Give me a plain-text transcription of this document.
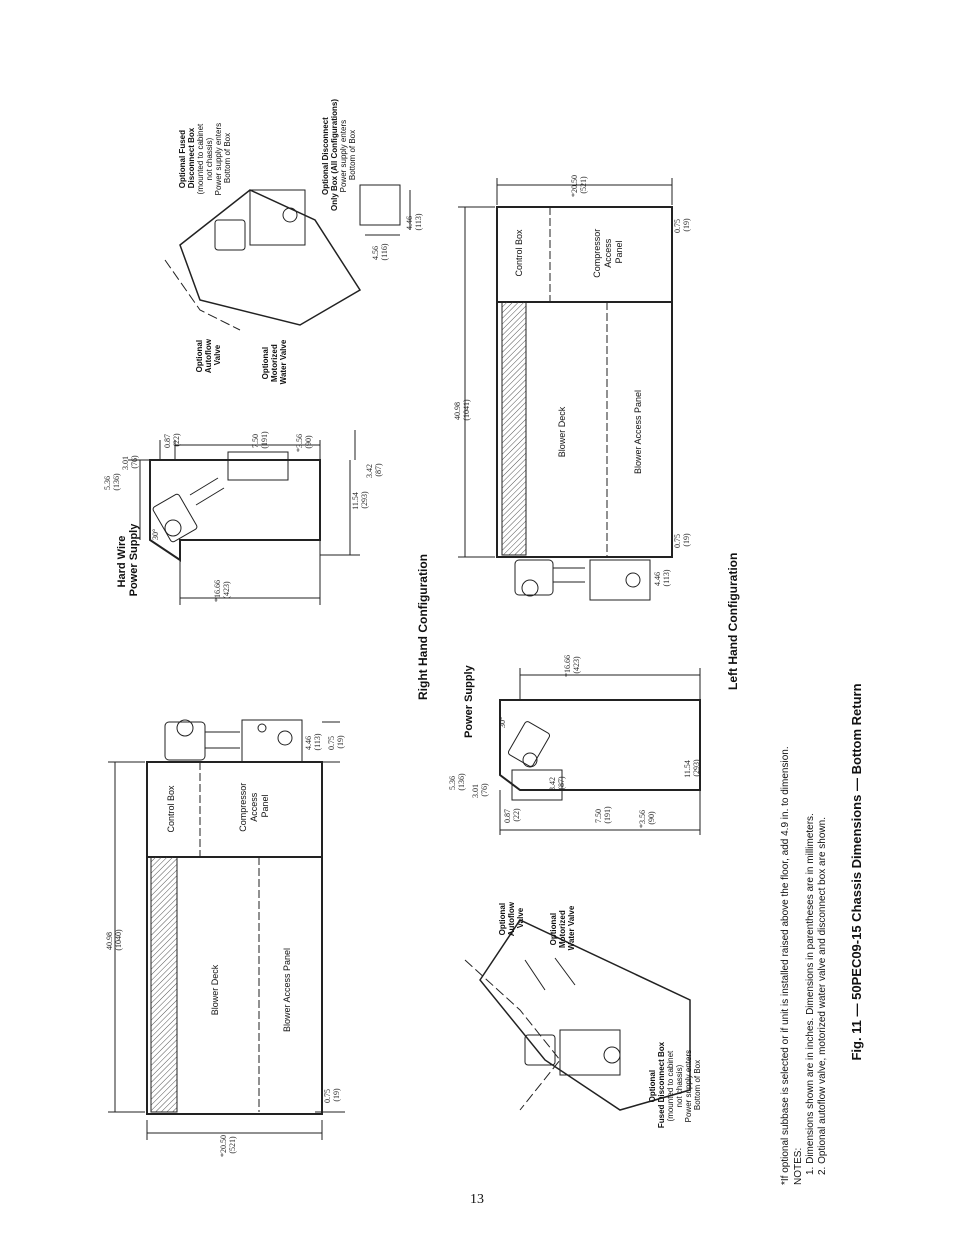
Control Box	Compressor Access Panel
Blower Deck	Blower Access Panel
40.98 (1040)
*20.50 (521)
0.75 (19)
4.46 (113) 0.75 (19)
Hard Wire Power Supply 30°
5.36 (136)
3.01 (76)
0.87 (22)	7.50 (191)	*3.56 (90)
3.42 (87)
11.54 (293)
*16.66 (423)
Optional Fused Disconnect Box (mounted to cabinet not chassis) Power supply enters Bottom of Box
Optional Autoflow Valve	Optional Motorized Water Valve
Right Hand Configuration	Left Hand Configuration
Power Supply	30°
5.36 (136)
3.01 (76)
0.87 (22)	7.50 (191)	*3.56 (90)
3.42 (87)
11.54 (293)
*16.66 (423)
Control Box	Compressor Access Panel
Blower Deck	Blower Access Panel
40.98 (1041)
*20.50 (521)
0.75 (19)
4.46 (113)
0.75 (19)
Optional Fused Disconnect Box (mounted to cabinet not chassis) Power supply enters Bottom of Box
Optional Autoflow Valve	Optional Motorized Water Valve
Optional Disconnect Only Box (All Configurations) Power supply enters Bottom of Box
4.56 (116)
4.46 (113)
*If optional subbase is selected or if unit is installed raised above the floor, add 4.9 in. to dimension. NOTES: 1. Dimensions shown are in inches. Dimensions in parentheses are in millimeters. 2. Optional autoflow valve, motorized water valve and disconnect box are shown. Fig. 11 — 50PEC09-15 Chassis Dimensions — Bottom Return
13
